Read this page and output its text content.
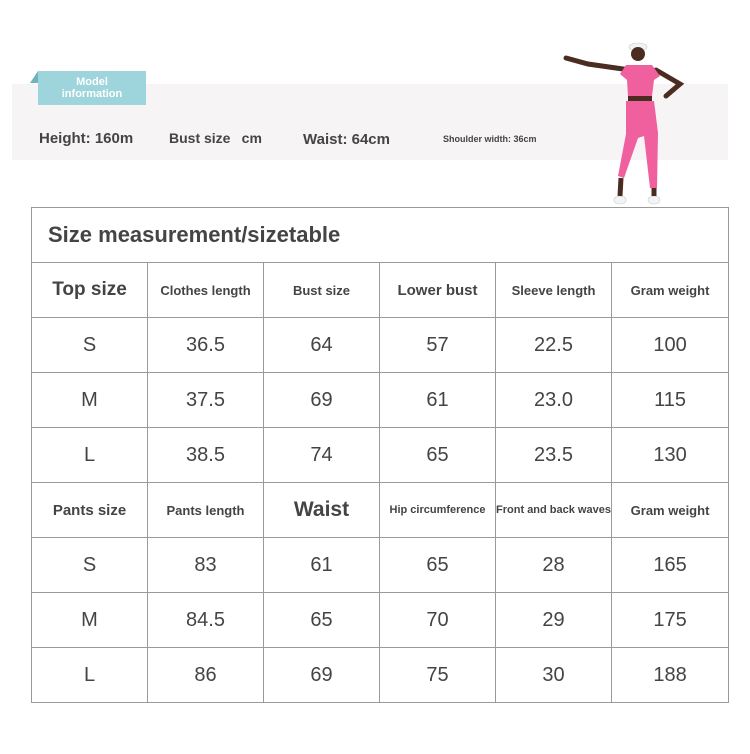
Model
information
Height: 160m	Bust sizecm	Waist: 64cm	Shoulder width: 36cm
Size measurement/sizetable					
Top size	Clothes length	Bust size	Lower bust	Sleeve length	Gram weight
S	36.5	64	57	22.5	100
M	37.5	69	61	23.0	115
L	38.5	74	65	23.5	130
Pants size	Pants length	Waist	Hip circumference	Front and back waves	Gram weight
S	83	61	65	28	165
M	84.5	65	70	29	175
L	86	69	75	30	188
